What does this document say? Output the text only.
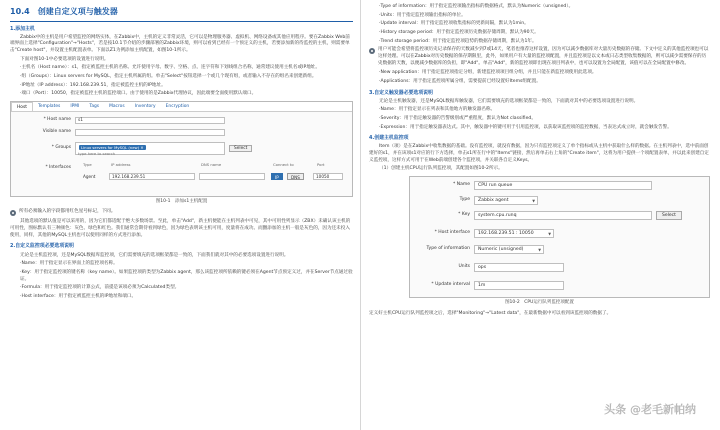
10.4 创建自定义项与触发器
1.添加主机
Zabbix中的主机是用户希望监控的网络实体，在Zabbix中，主机的定义非常灵活，它可以是物理服务器、虚拟机、网络设备或其他应用程序。要在Zabbix Web前端界面上选择"Configuration"→"Hosts"，若是按10.1节介绍的步骤部署的Zabbix环境，则可以看到已经有一个预定义的主机，若要添加新的待监控的主机，则需要单击"Create host"，并设置主机配置表单。下面以Z1为例添加主机配置，如图10-1所示。
下面对图10-1中必要选项的设置进行说明。
·主机名（Host name）：s1，指定被监控主机的名称。允许使用字母、数字、空格、点、连字符和下划线组合名称，通常建议使用主机名或IP地址。
·组（Groups）：Linux servers for MySQL，指定主机所属的组。单击"Select"按钮选择一个或几个现有组，或者输入不存在的组名来创建新组。
·IP地址（IP address）：192.168.239.51，指定被监控主机的IP地址。
·端口（Port）：10050，指定被监控主机的监控端口。由于使用的是Zabbix代理协议，因此端要全面使用默认端口。
Host	Templates	IPMI	Tags	Macros	Inventory	Encryption
* Host name	s1
Visible name
* Groups	Linux servers for MySQL (new) ✕
type here to search
Select
* Interfaces
Type	IP address	DNS name	Connect to	Port
Agent	192.168.239.51	IP	DNS	10050
图10-1　添加s1主机配置
所有必须输入的字段都用红色星号标记，下同。
其他选项的默认值是可以采用的，因为它们都适配于绝大多数场景。至此，单击"Add"，新主机便能在主机列表中可见，其中可用性列显示（ZBX）未确认该主机的可用性，图标默认有三种颜色：灰色、绿色和红色。我们通常会期待看到绿色，因为绿色表明该主机可用，度量将在成功。而删添加的主机一般是灰色的，因为还未投入使用，同样，其他的MySQL主机也可以使用同样的方式进行添加。
2.自定义监控项必要选项说明
无论是主机监控项，还是MySQL数据库监控项，它们需要填充的选项框架都是一致的，下面我们就对其中的必要选项设置进行说明。
·Name：用于指定显示在界面上的监控项名称。
·Key：用于指定监控项的键名称（key name）。如果监控项的类型为Zabbix agent，那么该监控项所依赖的键必须在Agent节点预定义过，并在Server节点通过验证。
·Formula：用于指定监控项的计算公式，前提是该项必须为Calculated类型。
·Host interface：用于指定被监控主机的IP地址和端口。
·Type of information：用于指定监控项输出指标的数据格式，默认为Numeric（unsigned）。
·Units：用于指定监控项输出指标的单位。
·Update interval：用于指定监控项收集指标的更新间隔，默认为1min。
·History storage period：用于指定监控项历史数据存储周期，默认为90天。
·Trend storage period：用于指定监控项趋势的数据存储周期，默认为1年。
用户可能会希望将监控项历史记录保存的天数减少到7或14天，笔者也推荐这样设置，因为可以减少数据库对大量历史数据的存储。下文中定义的其他监控项也可以这样处理。可以在Zabbix对历史数据的保存期限里，此外，如果用户有大量的监控项配置，并且监控项是以文本或日志类型收集数据的，则可以减少需要保存的历史数据的天数，以便减少数据库的负担，即"Add"。单击"Add"，新的监控项即出现在项目列表中，也可以设置为全局配置，该值可以在全局配置中修改。
·New application：用于指定监控项指定分组，新建监控项项目组分组，并且只能在新监控项使用此选项。
·Applications：用于指定监控项所属分组，需要提前已经设置好Items组配置。
3.自定义触发器必要选项说明
无论是主机触发器，还是MySQL数据库触发器，它们需要填充的选项框架都是一致的，下面就对其中的必要选项设置进行说明。
·Name：用于指定显示在列表和其他地方的触发器名称。
·Severity：用于指定触发器的告警级别或严重程度，默认为Not classified。
·Expression：用于指定触发器表达式。其中，触发器中的键可用于引用监控项，以获取该监控项的监控数据，当表达式成立时，就会触发告警。
4.创建主机监控项
Item（项）是在Zabbix中收集数据的基础。没有监控项，就没有数据，因为只有监控项定义了单个指标或从主机中获取什么样的数据。在主机列表中，选中前面创建好的s1，并在该项s1对应的行下方选择，单击s1所在行中的"Items"链接，然后再单击右上角的"Create item"，这将为用户提供一个项配置表单，并以此来创建自定义监控项，这样方式可用于在Web前端创建各个监控项，并关联各自定义Keys。
（1）创建主机CPU运行队列监控项，其配置如图10-2所示。
* Name	CPU run queue
Type	Zabbix agent ▼
* Key	system.cpu.runq	Select
* Host interface	192.168.239.51 : 10050 ▼
Type of information	Numeric (unsigned) ▼
Units	ops
* Update interval	1m
图10-2　CPU运行队列监控项配置
定义好主机CPU运行队列监控项之后，选择"Monitoring"→"Latest data"，在最新数据中可以看到该监控项的数据了。
头条 @老毛新帕纳
